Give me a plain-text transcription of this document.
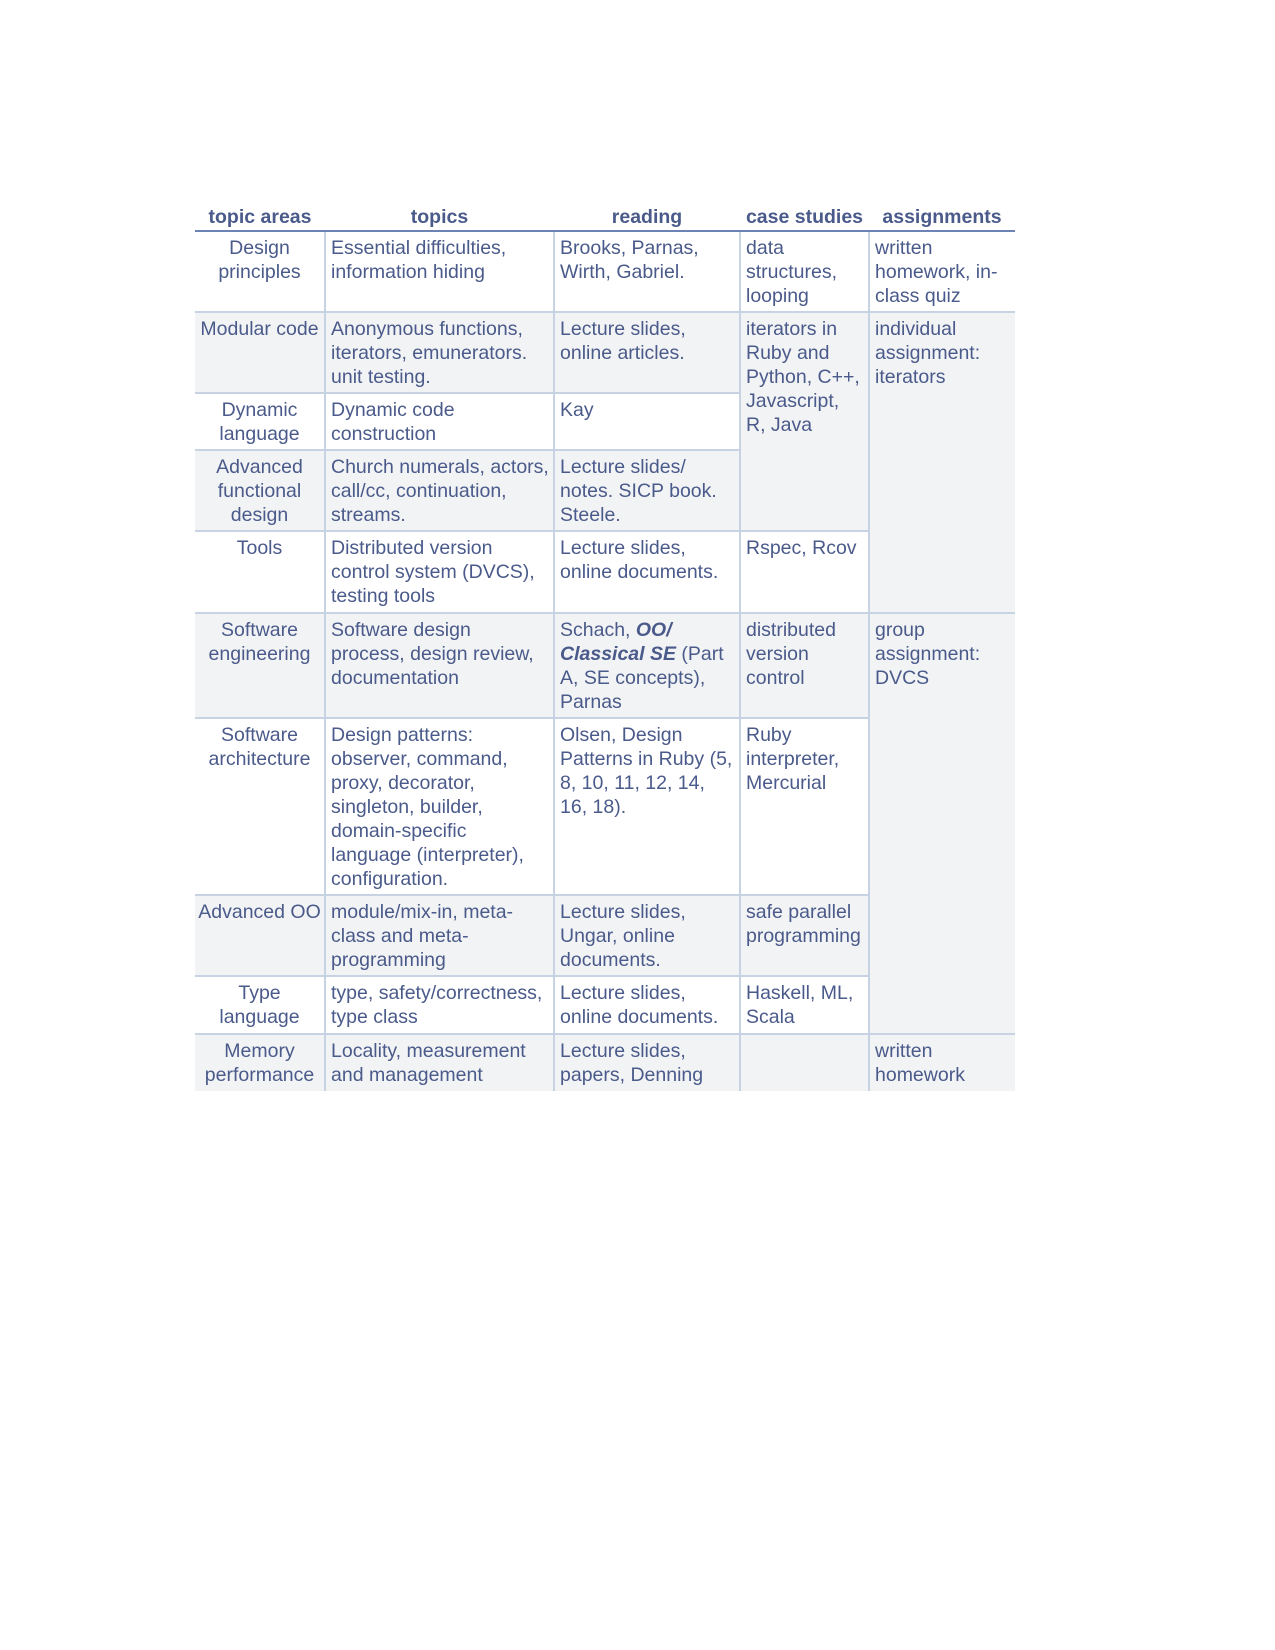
topic areas	topics	reading	case studies	assignments
Design principles	Essential difficulties, information hiding	Brooks, Parnas, Wirth, Gabriel.	data structures, looping	written homework, in-class quiz
Modular code	Anonymous functions, iterators, emunerators. unit testing.	Lecture slides, online articles.	iterators in Ruby and Python, C++, Javascript, R, Java	individual assignment: iterators
Dynamic language	Dynamic code construction	Kay		
Advanced functional design	Church numerals, actors, call/cc, continuation, streams.	Lecture slides/ notes. SICP book. Steele.		
Tools	Distributed version control system (DVCS), testing tools	Lecture slides, online documents.	Rspec, Rcov	
Software engineering	Software design process, design review, documentation	Schach, OO/ Classical SE (Part A, SE concepts), Parnas	distributed version control	group assignment: DVCS
Software architecture	Design patterns: observer, command, proxy, decorator, singleton, builder, domain-specific language (interpreter), configuration.	Olsen, Design Patterns in Ruby (5, 8, 10, 11, 12, 14, 16, 18).	Ruby interpreter, Mercurial	
Advanced OO	module/mix-in, meta-class and meta-programming	Lecture slides, Ungar, online documents.	safe parallel programming	
Type language	type, safety/correctness, type class	Lecture slides, online documents.	Haskell, ML, Scala	
Memory performance	Locality, measurement and management	Lecture slides, papers, Denning		written homework
